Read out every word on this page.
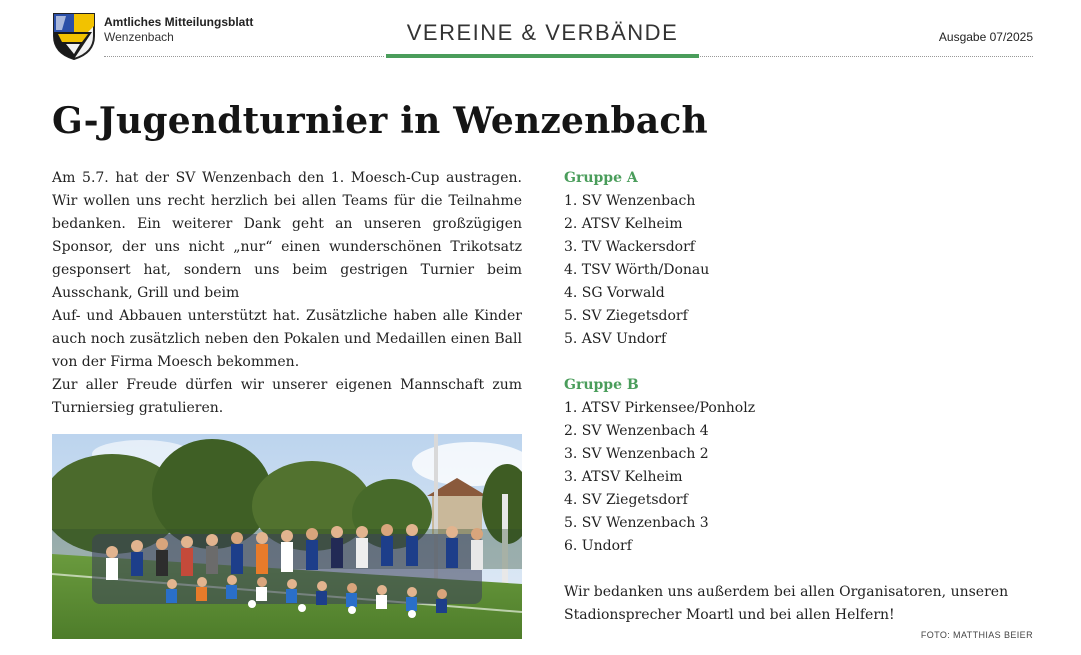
Amtliches Mitteilungsblatt
Wenzenbach	VEREINE & VERBÄNDE	Ausgabe 07/2025
G-Jugendturnier in Wenzenbach

Am 5.7. hat der SV Wenzenbach den 1. Moesch-Cup austragen. Wir wollen uns recht herzlich bei allen Teams für die Teilnahme bedanken. Ein weiterer Dank geht an unseren großzügigen Sponsor, der uns nicht „nur“ einen wunderschönen Trikotsatz gesponsert hat, sondern uns beim gestrigen Turnier beim Ausschank, Grill und beim

Auf- und Abbauen unterstützt hat. Zusätzliche haben alle Kinder auch noch zusätzlich neben den Pokalen und Medaillen einen Ball von der Firma Moesch bekommen.

Zur aller Freude dürfen wir unserer eigenen Mannschaft zum Turniersieg gratulieren.

Gruppe A

1. SV Wenzenbach
2. ATSV Kelheim
3. TV Wackersdorf
4. TSV Wörth/Donau
4. SG Vorwald
5. SV Ziegetsdorf
5. ASV Undorf

Gruppe B

1. ATSV Pirkensee/Ponholz
2. SV Wenzenbach 4
3. SV Wenzenbach 2
3. ATSV Kelheim
4. SV Ziegetsdorf
5. SV Wenzenbach 3
6. Undorf

Wir bedanken uns außerdem bei allen Organisatoren, unseren Stadionsprecher Moartl und bei allen Helfern!

FOTO: MATTHIAS BEIER
